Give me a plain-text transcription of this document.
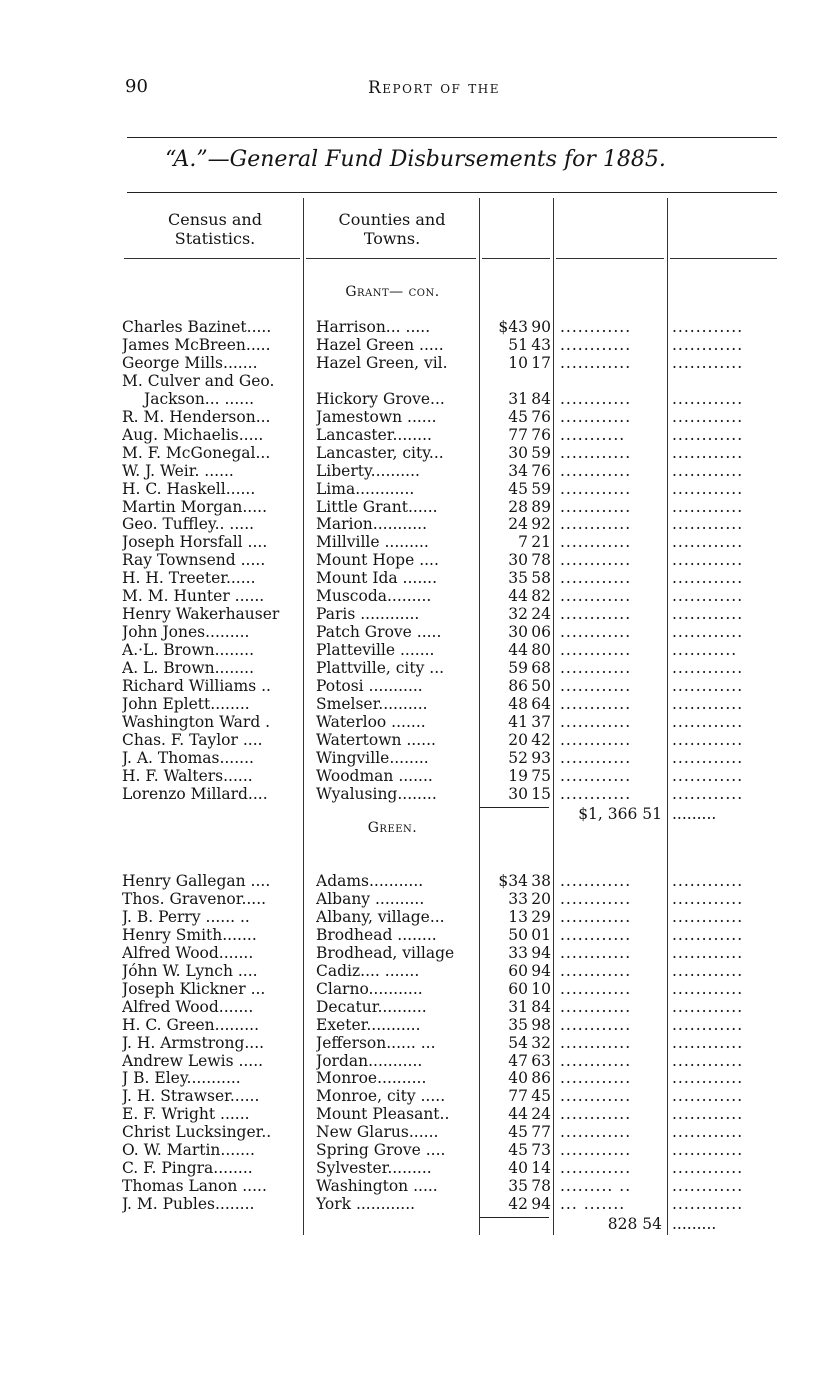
90	Report of the
“A.”—General Fund Disbursements for 1885.
Census and Statistics.
Counties and Towns.
Grant— con.
Charles Bazinet.....	Harrison... .....	$43 90 ............	............
James McBreen.....	Hazel Green .....	51 43 ............	............
George Mills.......	Hazel Green, vil.	10 17 ............	............
M. Culver and Geo.
Jackson... ......	Hickory Grove...	31 84 ............	............
R. M. Henderson...	Jamestown ......	45 76 ............	............
Aug. Michaelis.....	Lancaster........	77 76 ...........	............
M. F. McGonegal...	Lancaster, city...	30 59 ............	............
W. J. Weir. ......	Liberty..........	34 76 ............	............
H. C. Haskell......	Lima............	45 59 ............	............
Martin Morgan.....	Little Grant......	28 89 ............	............
Geo. Tuffley.. .....	Marion...........	24 92 ............	............
Joseph Horsfall ....	Millville .........	7 21 ............	............
Ray Townsend .....	Mount Hope ....	30 78 ............	............
H. H. Treeter......	Mount Ida .......	35 58 ............	............
M. M. Hunter ......	Muscoda.........	44 82 ............	............
Henry Wakerhauser	Paris ............	32 24 ............	............
John Jones.........	Patch Grove .....	30 06 ............	............
A.·L. Brown........	Platteville .......	44 80 ............	...........
A. L. Brown........	Plattville, city ...	59 68 ............	............
Richard Williams ..	Potosi ...........	86 50 ............	............
John Eplett........	Smelser..........	48 64 ............	............
Washington Ward .	Waterloo .......	41 37 ............	............
Chas. F. Taylor ....	Watertown ......	20 42 ............	............
J. A. Thomas.......	Wingville........	52 93 ............	............
H. F. Walters......	Woodman .......	19 75 ............	............
Lorenzo Millard....	Wyalusing........	30 15 ............	............
$1, 366 51 .........
Green.
Henry Gallegan ....	Adams...........	$34 38 ............	............
Thos. Gravenor.....	Albany ..........	33 20 ............	............
J. B. Perry ...... ..	Albany, village...	13 29 ............	............
Henry Smith.......	Brodhead ........	50 01 ............	............
Alfred Wood.......	Brodhead, village	33 94 ............	............
Jóhn W. Lynch ....	Cadiz.... .......	60 94 ............	............
Joseph Klickner ...	Clarno...........	60 10 ............	............
Alfred Wood.......	Decatur..........	31 84 ............	............
H. C. Green.........	Exeter...........	35 98 ............	............
J. H. Armstrong....	Jefferson...... ...	54 32 ............	............
Andrew Lewis .....	Jordan...........	47 63 ............	............
J B. Eley...........	Monroe..........	40 86 ............	............
J. H. Strawser......	Monroe, city .....	77 45 ............	............
E. F. Wright ......	Mount Pleasant..	44 24 ............	............
Christ Lucksinger..	New Glarus......	45 77 ............	............
O. W. Martin.......	Spring Grove ....	45 73 ............	............
C. F. Pingra........	Sylvester.........	40 14 ............	............
Thomas Lanon .....	Washington .....	35 78 ......... ..	............
J. M. Publes........	York ............	42 94 ... .......	............
828 54 .........
